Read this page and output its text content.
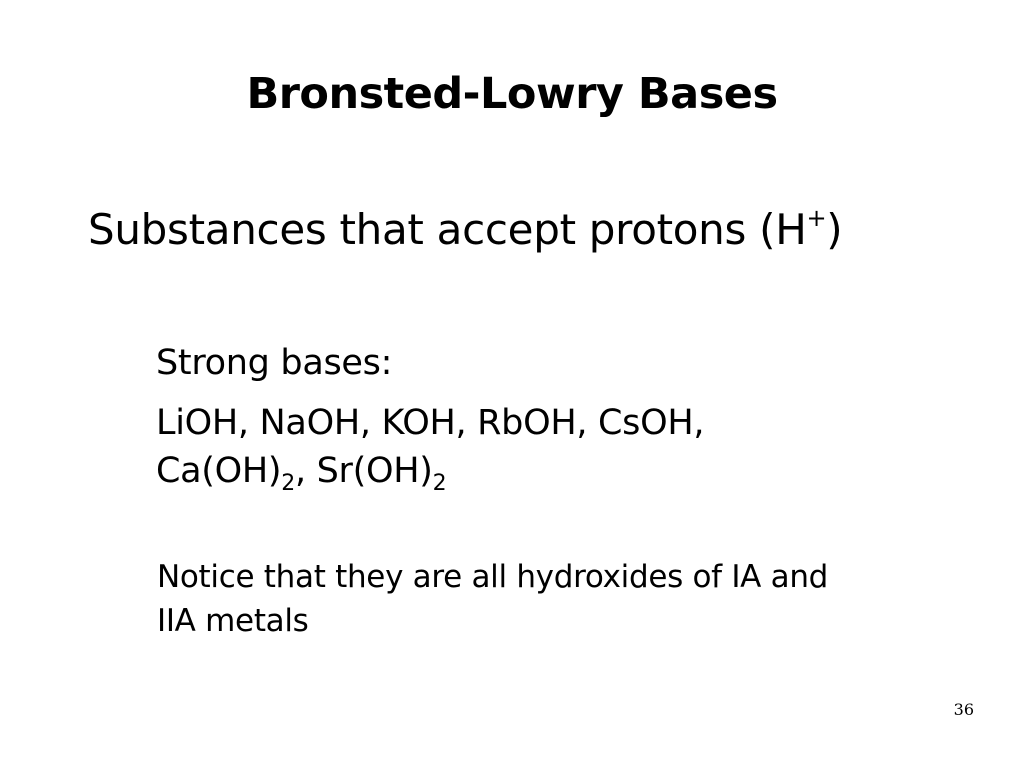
Bronsted-Lowry Bases
Substances that accept protons (H+)
Strong bases:
LiOH, NaOH, KOH, RbOH, CsOH,
$Ca(OH)_2$, $Sr(OH)_2$
Notice that they are all hydroxides of IA and
IIA metals
36
